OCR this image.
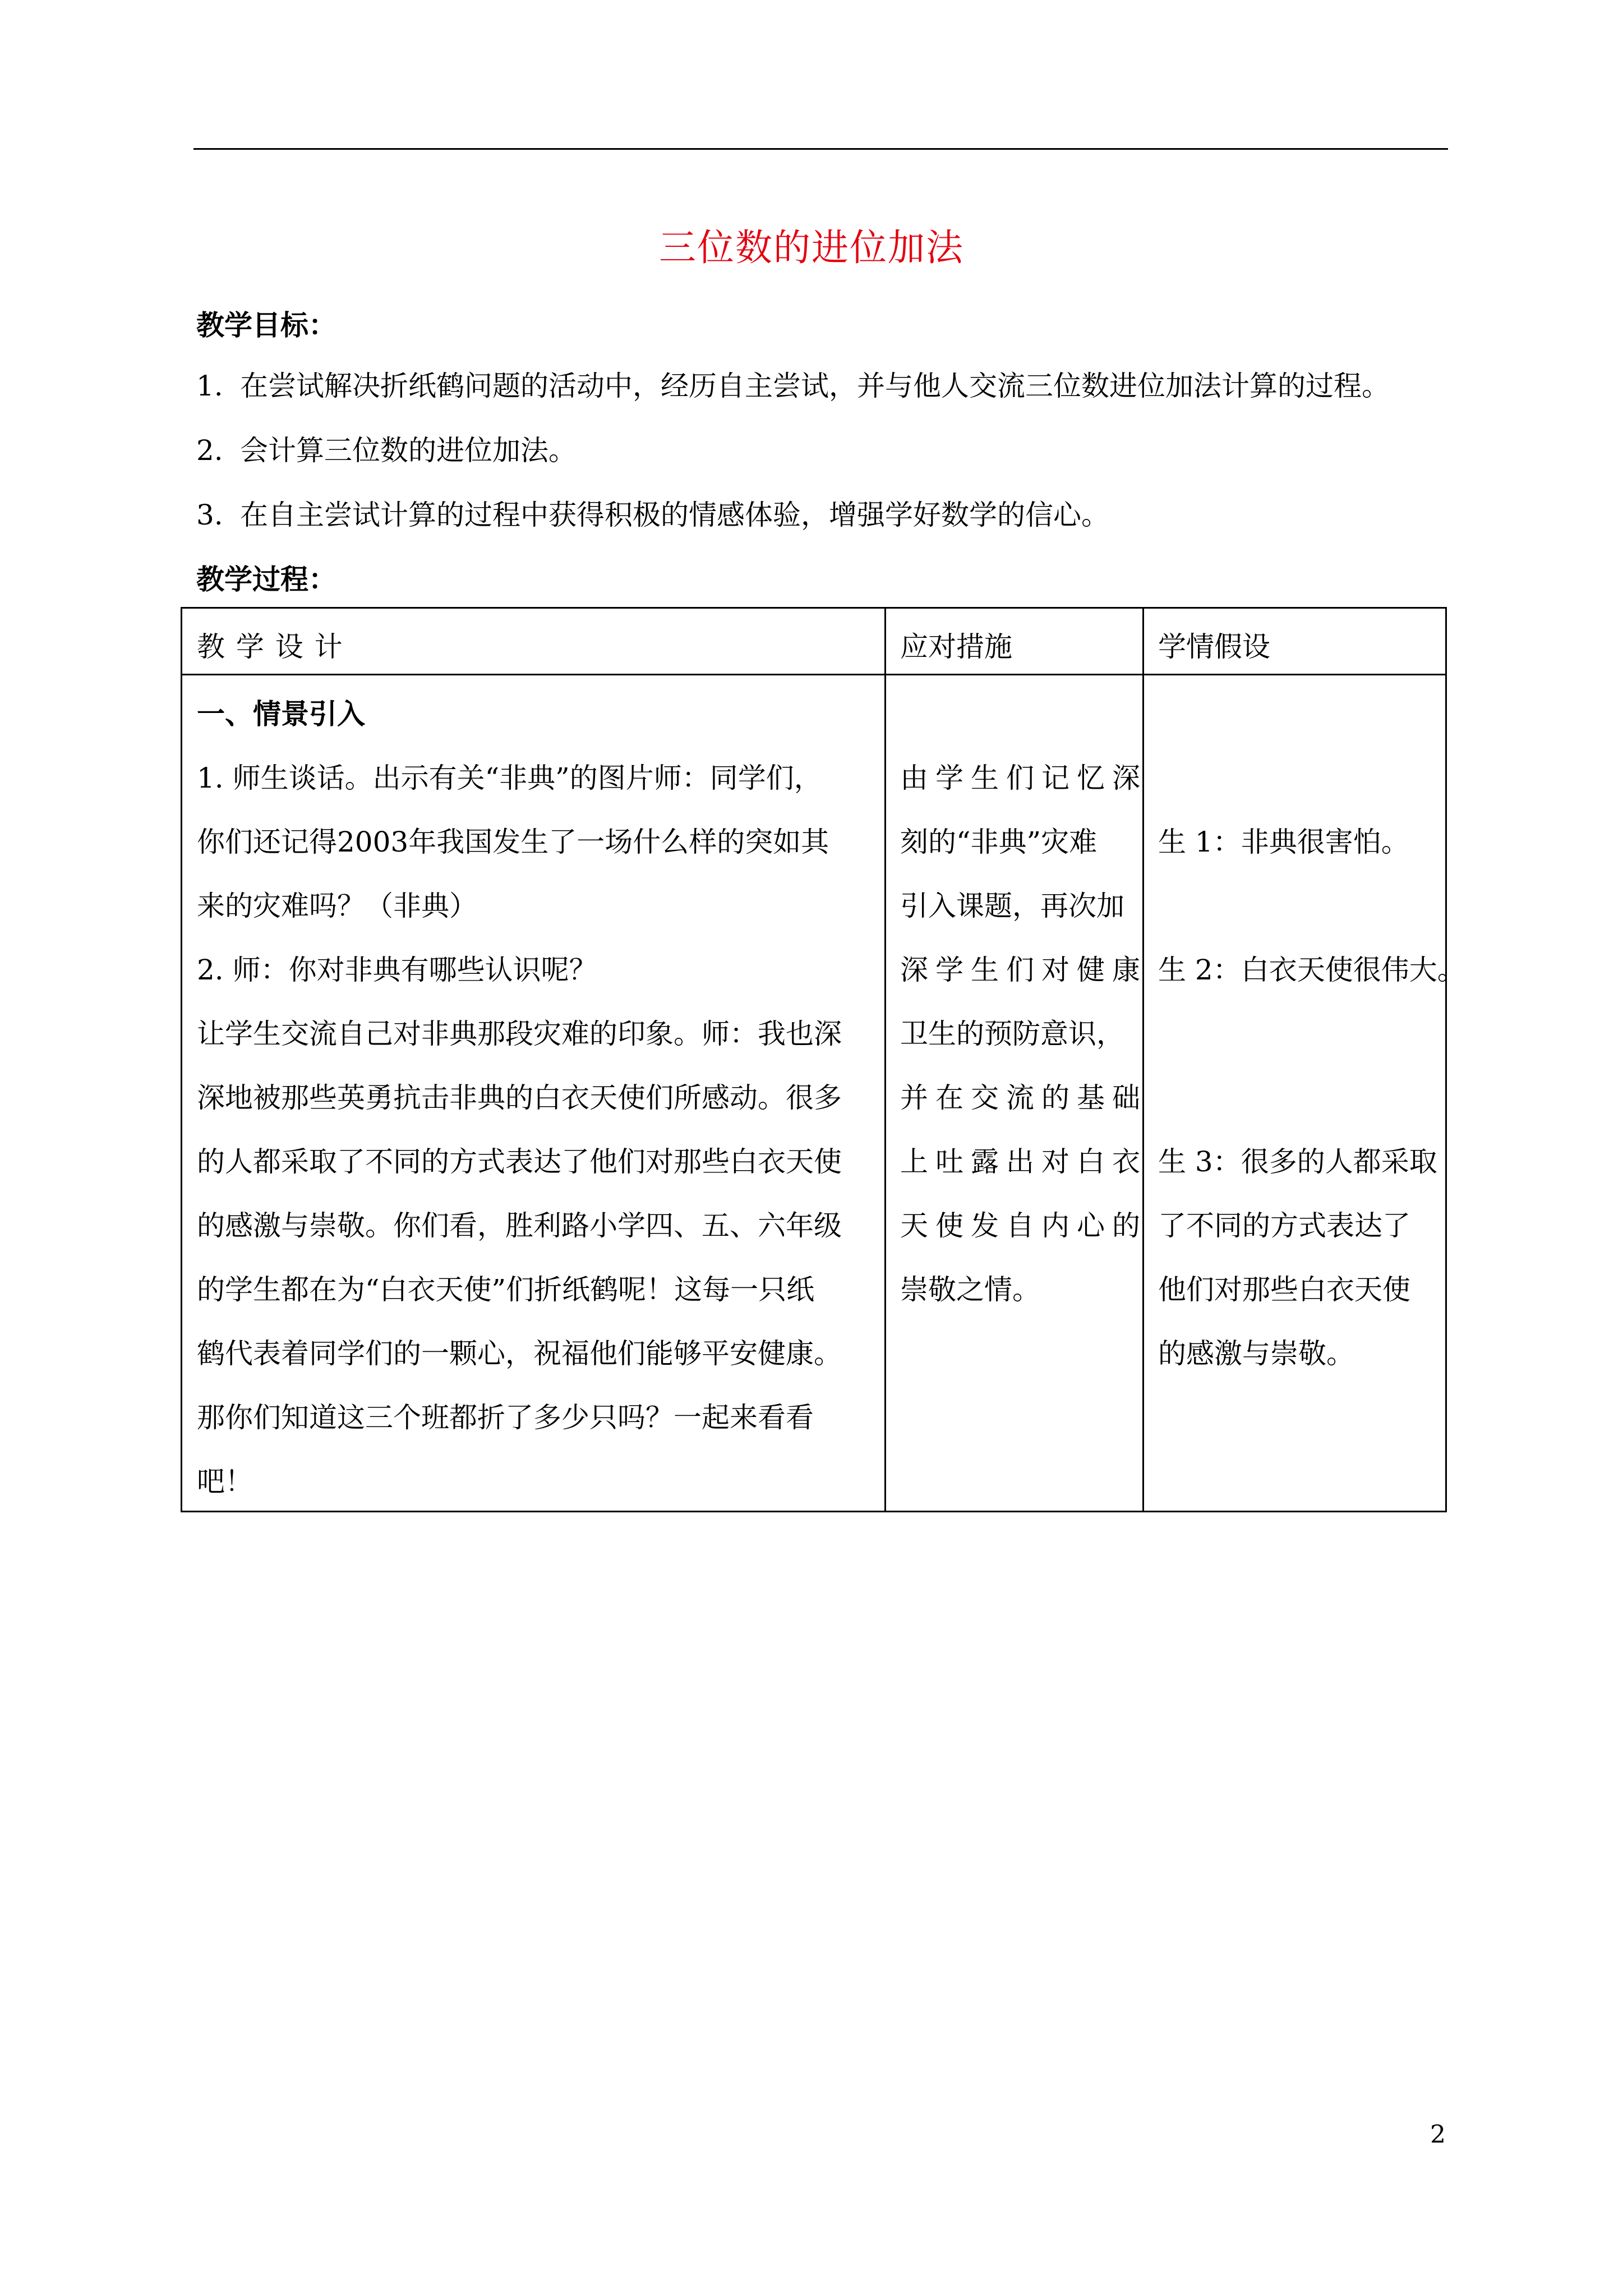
三位数的进位加法
教学目标：
1. 在尝试解决折纸鹤问题的活动中，经历自主尝试，并与他人交流三位数进位加法计算的过程。
2. 会计算三位数的进位加法。
3. 在自主尝试计算的过程中获得积极的情感体验，增强学好数学的信心。
教学过程：
教 学 设 计	应对措施	学情假设
一、情景引入
1. 师生谈话。出示有关“非典”的图片师：同学们，
你们还记得2003年我国发生了一场什么样的突如其
来的灾难吗？（非典）
2. 师：你对非典有哪些认识呢？
让学生交流自己对非典那段灾难的印象。师：我也深
深地被那些英勇抗击非典的白衣天使们所感动。很多
的人都采取了不同的方式表达了他们对那些白衣天使
的感激与崇敬。你们看，胜利路小学四、五、六年级
的学生都在为“白衣天使”们折纸鹤呢！这每一只纸
鹤代表着同学们的一颗心，祝福他们能够平安健康。
那你们知道这三个班都折了多少只吗？一起来看看
吧！
由学生们记忆深
刻的“非典”灾难
引入课题，再次加
深学生们对健康
卫生的预防意识，
并在交流的基础
上吐露出对白衣
天使发自内心的
崇敬之情。
生 1：非典很害怕。
生 2：白衣天使很伟大。
生 3：很多的人都采取
了不同的方式表达了
他们对那些白衣天使
的感激与崇敬。
2
